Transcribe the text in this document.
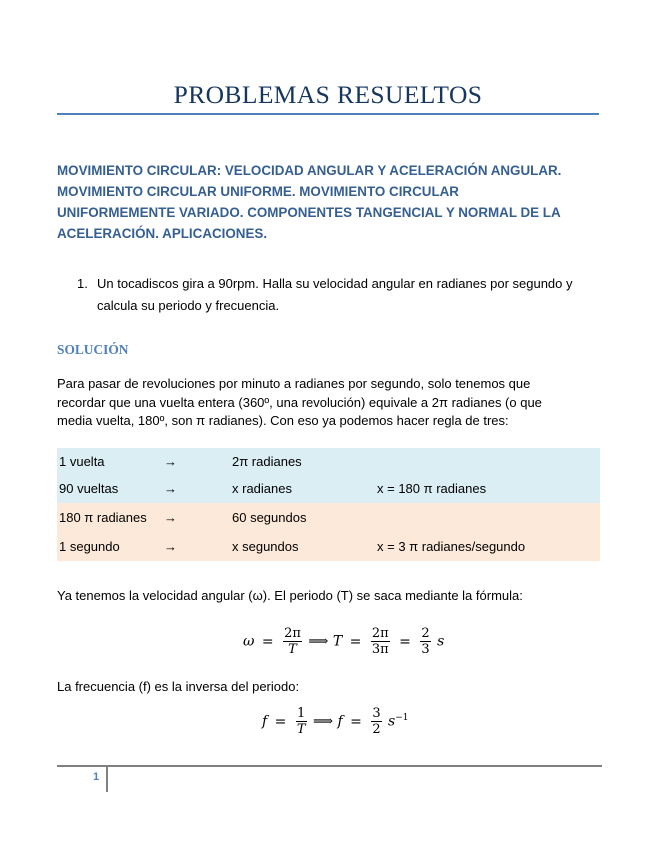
PROBLEMAS RESUELTOS
MOVIMIENTO CIRCULAR: VELOCIDAD ANGULAR Y ACELERACIÓN ANGULAR.
MOVIMIENTO CIRCULAR UNIFORME. MOVIMIENTO CIRCULAR
UNIFORMEMENTE VARIADO. COMPONENTES TANGENCIAL Y NORMAL DE LA
ACELERACIÓN. APLICACIONES.
1. Un tocadiscos gira a 90rpm. Halla su velocidad angular en radianes por segundo y
calcula su periodo y frecuencia.
SOLUCIÓN
Para pasar de revoluciones por minuto a radianes por segundo, solo tenemos que
recordar que una vuelta entera (360º, una revolución) equivale a 2π radianes (o que
media vuelta, 180º, son π radianes). Con eso ya podemos hacer regla de tres:
1 vuelta	→	2π radianes	
90 vueltas	→	x radianes	x = 180 π radianes
180 π radianes	→	60 segundos	
1 segundo	→	x segundos	x = 3 π radianes/segundo
Ya tenemos la velocidad angular (ω). El periodo (T) se saca mediante la fórmula:
$\omega = \frac{2\pi}{T}$ ⟹ $T = \frac{2\pi}{3\pi} = \frac{2}{3}$ s
La frecuencia (f) es la inversa del periodo:
$f = \frac{1}{T}$ ⟹ $f = \frac{3}{2} s^{-1}$
1
